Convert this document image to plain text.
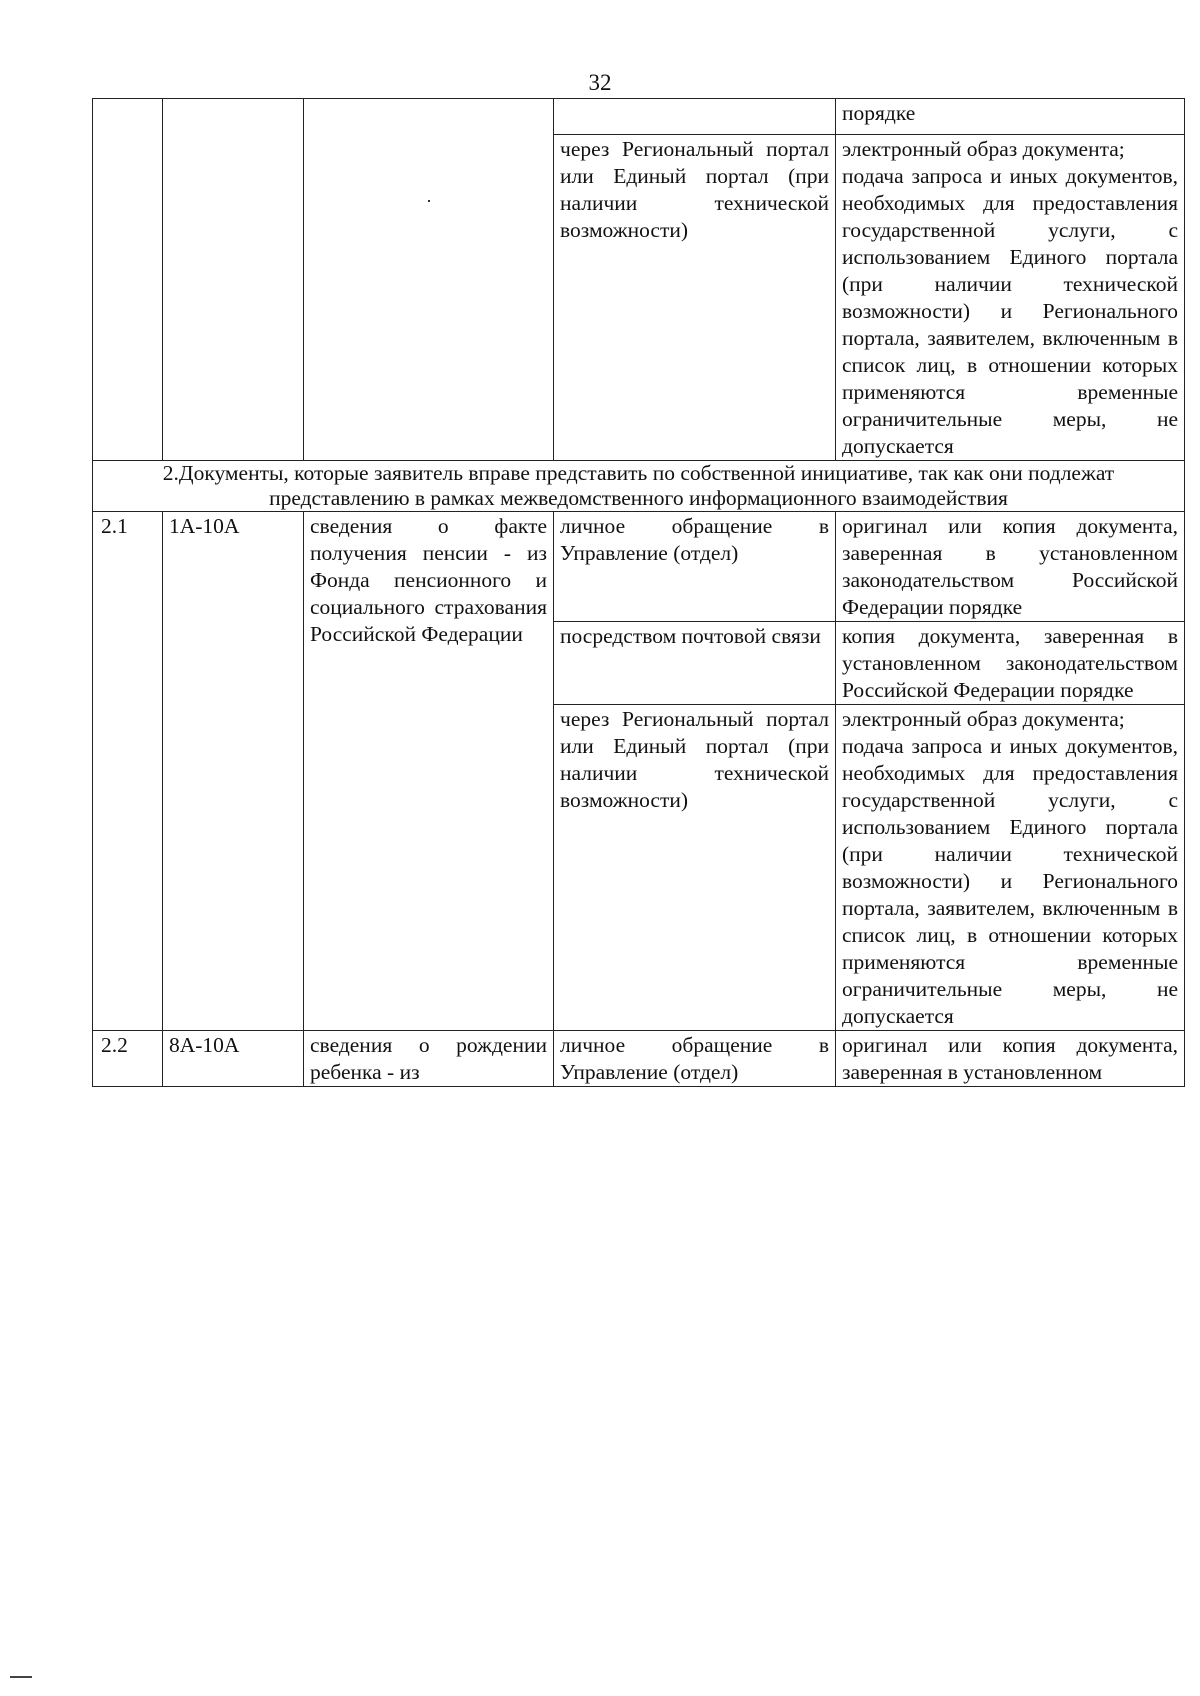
32
				порядке
			через Региональный портал или Единый портал (при наличии технической возможности)	электронный образ документа;
подача запроса и иных документов, необходимых для предоставления государственной услуги, с использованием Единого портала (при наличии технической возможности) и Регионального портала, заявителем, включенным в список лиц, в отношении которых применяются временные ограничительные меры, не допускается

2.Документы, которые заявитель вправе представить по собственной инициативе, так как они подлежат представлению в рамках межведомственного информационного взаимодействия				
2.1	1А-10А	сведения о факте получения пенсии - из Фонда пенсионного и социального страхования Российской Федерации	личное обращение в Управление (отдел)	оригинал или копия документа, заверенная в установленном законодательством Российской Федерации порядке
			посредством почтовой связи	копия документа, заверенная в установленном законодательством Российской Федерации порядке
			через Региональный портал или Единый портал (при наличии технической возможности)	электронный образ документа;
подача запроса и иных документов, необходимых для предоставления государственной услуги, с использованием Единого портала (при наличии технической возможности) и Регионального портала, заявителем, включенным в список лиц, в отношении которых применяются временные ограничительные меры, не допускается

2.2	8А-10А	сведения о рождении ребенка - из	личное обращение в Управление (отдел)	оригинал или копия документа, заверенная в установленном
